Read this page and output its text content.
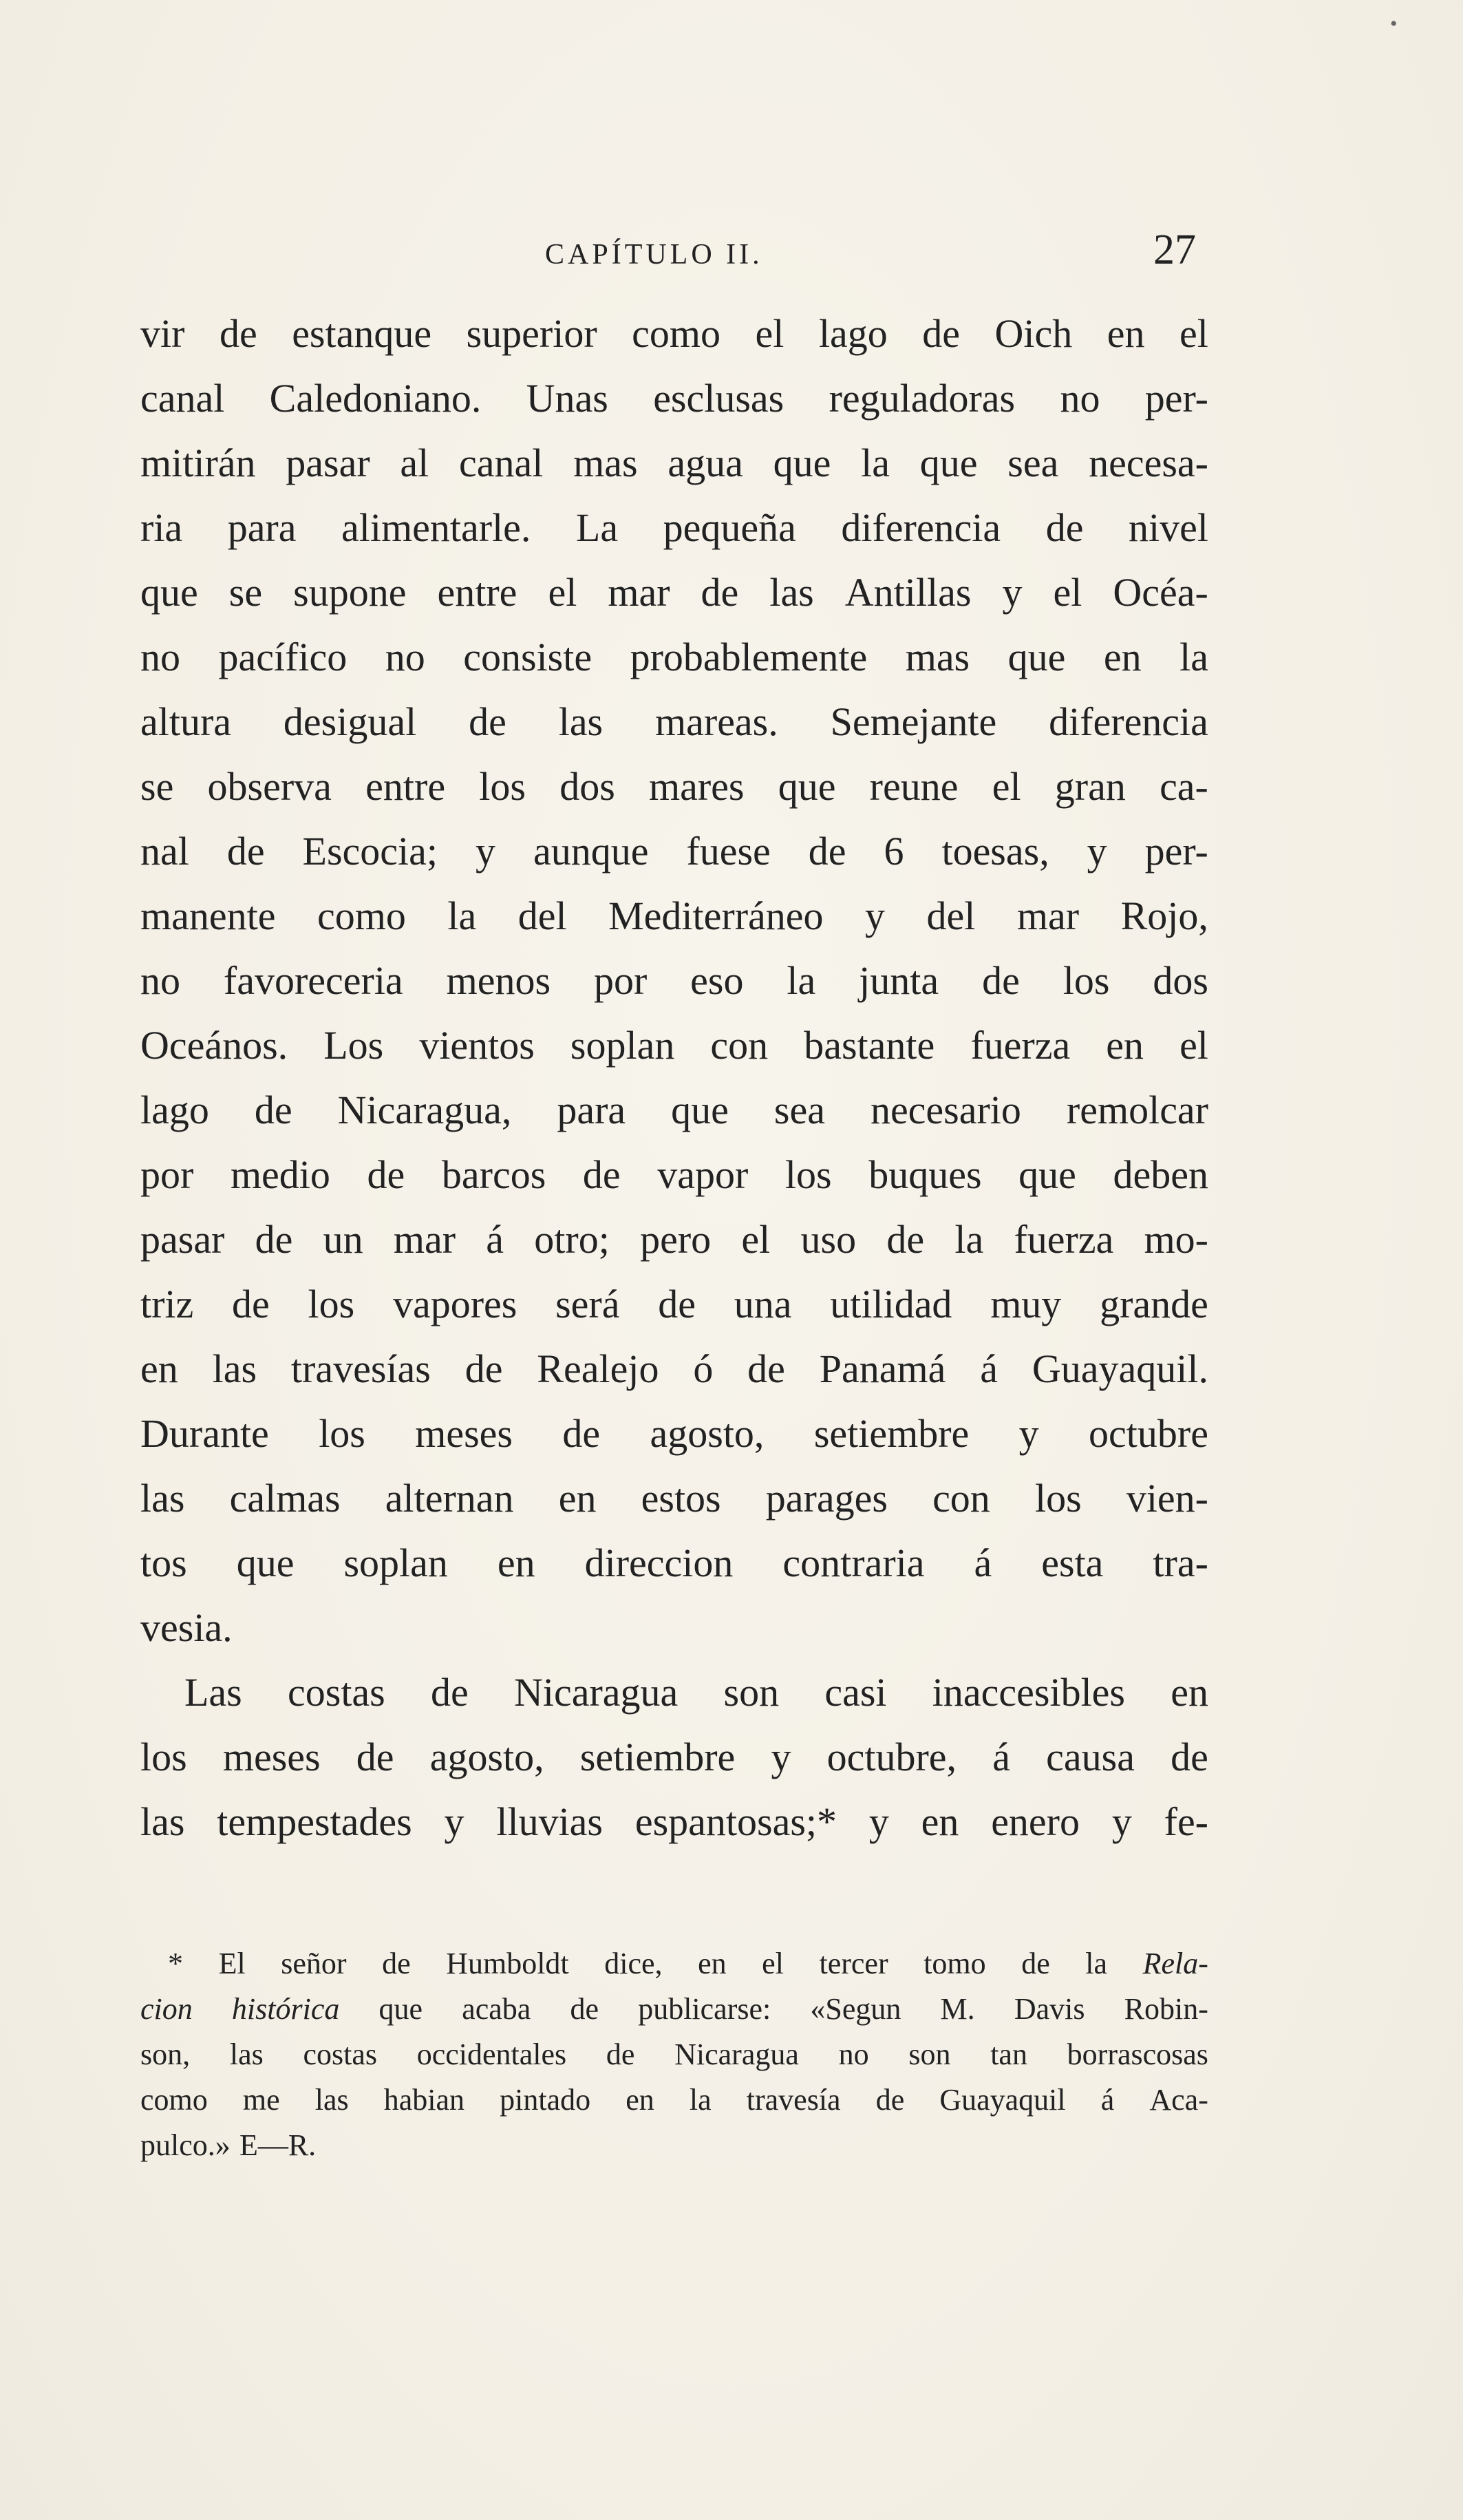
CAPÍTULO II.	27
vir de estanque superior como el lago de Oich en el
canal Caledoniano. Unas esclusas reguladoras no per-
mitirán pasar al canal mas agua que la que sea necesa-
ria para alimentarle. La pequeña diferencia de nivel
que se supone entre el mar de las Antillas y el Océa-
no pacífico no consiste probablemente mas que en la
altura desigual de las mareas. Semejante diferencia
se observa entre los dos mares que reune el gran ca-
nal de Escocia; y aunque fuese de 6 toesas, y per-
manente como la del Mediterráneo y del mar Rojo,
no favoreceria menos por eso la junta de los dos
Oceános. Los vientos soplan con bastante fuerza en el
lago de Nicaragua, para que sea necesario remolcar
por medio de barcos de vapor los buques que deben
pasar de un mar á otro; pero el uso de la fuerza mo-
triz de los vapores será de una utilidad muy grande
en las travesías de Realejo ó de Panamá á Guayaquil.
Durante los meses de agosto, setiembre y octubre
las calmas alternan en estos parages con los vien-
tos que soplan en direccion contraria á esta tra-
vesia.
Las costas de Nicaragua son casi inaccesibles en
los meses de agosto, setiembre y octubre, á causa de
las tempestades y lluvias espantosas;* y en enero y fe-
* El señor de Humboldt dice, en el tercer tomo de la Rela-
cion histórica que acaba de publicarse: «Segun M. Davis Robin-
son, las costas occidentales de Nicaragua no son tan borrascosas
como me las habian pintado en la travesía de Guayaquil á Aca-
pulco.» E—R.
•
